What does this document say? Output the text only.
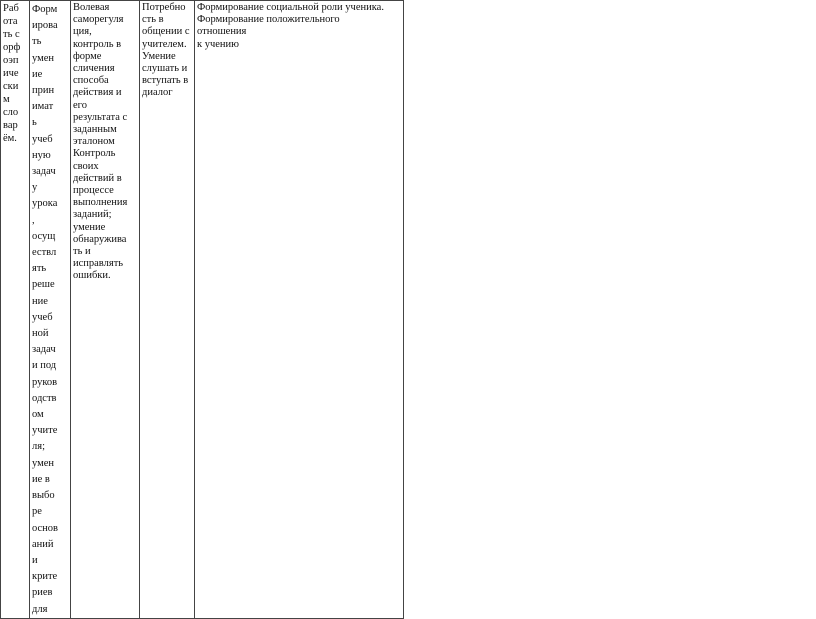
Раб
ота
ть с
орф
оэп
иче
ски
м
сло
вар
ём.

Форм
ирова
ть
умен
ие
прин
имат
ь
учеб
ную
задач
у
урока
,
осущ
ествл
ять
реше
ние
учеб
ной
задач
и под
руков
одств
ом
учите
ля;
умен
ие в
выбо
ре
основ
аний
и
крите
риев
для

Волевая
саморегуля
ция,
контроль в
форме
сличения
способа
действия и
его
результата с
заданным
эталоном
Контроль
своих
действий в
процессе
выполнения
заданий;
умение
обнаружива
ть и
исправлять
ошибки.

Потребно
сть в
общении с
учителем.
Умение
слушать и
вступать в
диалог

Формирование социальной роли ученика.
Формирование положительного
отношения
к учению
